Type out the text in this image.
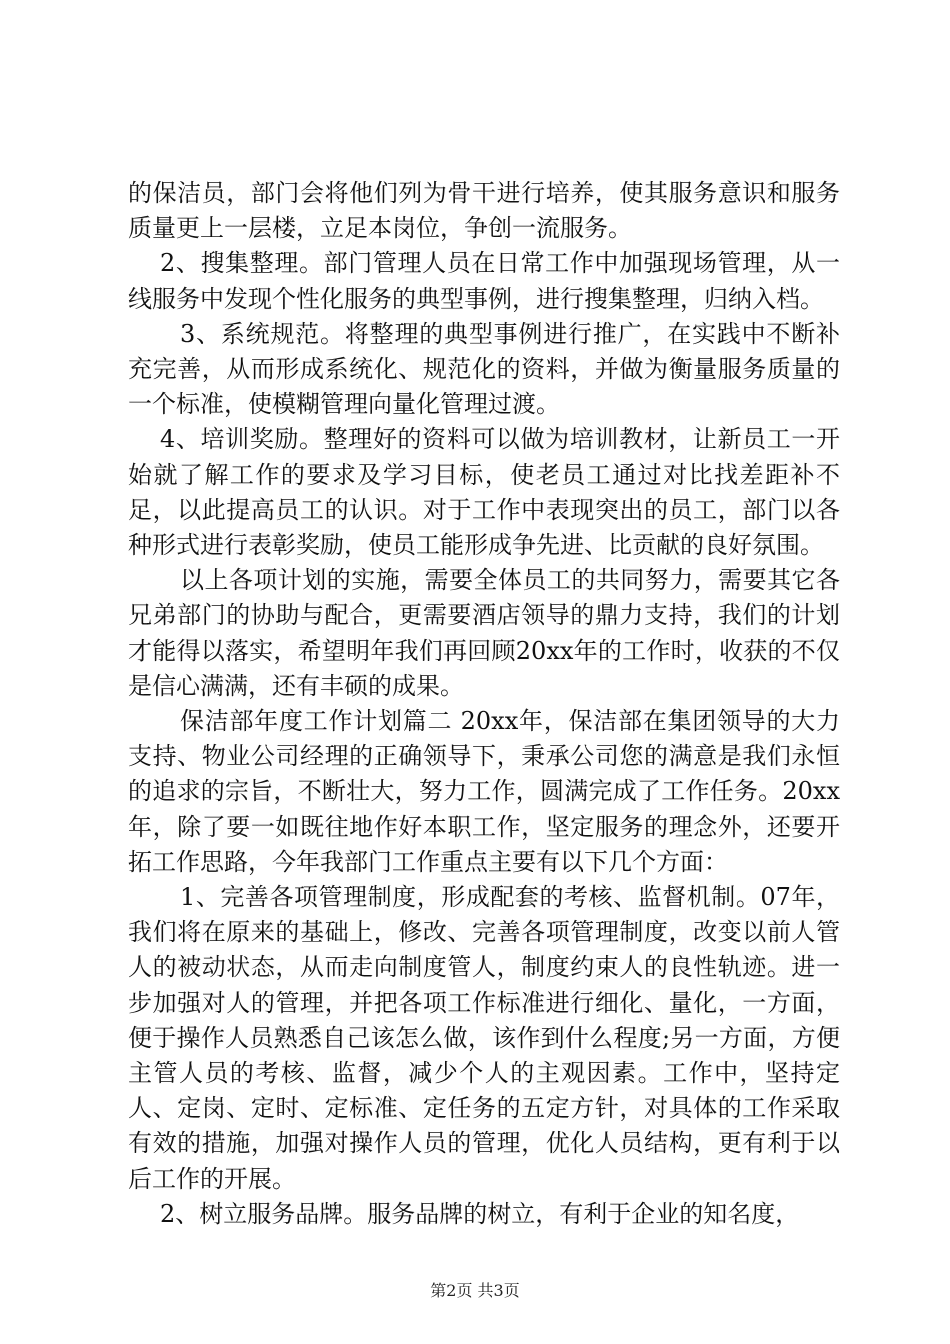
的保洁员，部门会将他们列为骨干进行培养，使其服务意识和服务质量更上一层楼，立足本岗位，争创一流服务。

2、搜集整理。部门管理人员在日常工作中加强现场管理，从一线服务中发现个性化服务的典型事例，进行搜集整理，归纳入档。

3、系统规范。将整理的典型事例进行推广，在实践中不断补充完善，从而形成系统化、规范化的资料，并做为衡量服务质量的一个标准，使模糊管理向量化管理过渡。

4、培训奖励。整理好的资料可以做为培训教材，让新员工一开始就了解工作的要求及学习目标，使老员工通过对比找差距补不足，以此提高员工的认识。对于工作中表现突出的员工，部门以各种形式进行表彰奖励，使员工能形成争先进、比贡献的良好氛围。

以上各项计划的实施，需要全体员工的共同努力，需要其它各兄弟部门的协助与配合，更需要酒店领导的鼎力支持，我们的计划才能得以落实，希望明年我们再回顾20xx年的工作时，收获的不仅是信心满满，还有丰硕的成果。

保洁部年度工作计划篇二 20xx年，保洁部在集团领导的大力支持、物业公司经理的正确领导下，秉承公司您的满意是我们永恒的追求的宗旨，不断壮大，努力工作，圆满完成了工作任务。20xx年，除了要一如既往地作好本职工作，坚定服务的理念外，还要开拓工作思路，今年我部门工作重点主要有以下几个方面：

1、完善各项管理制度，形成配套的考核、监督机制。07年，我们将在原来的基础上，修改、完善各项管理制度，改变以前人管人的被动状态，从而走向制度管人，制度约束人的良性轨迹。进一步加强对人的管理，并把各项工作标准进行细化、量化，一方面，便于操作人员熟悉自己该怎么做，该作到什么程度;另一方面，方便主管人员的考核、监督，减少个人的主观因素。工作中，坚持定人、定岗、定时、定标准、定任务的五定方针，对具体的工作采取有效的措施，加强对操作人员的管理，优化人员结构，更有利于以后工作的开展。

2、树立服务品牌。服务品牌的树立，有利于企业的知名度，

第2页 共3页
